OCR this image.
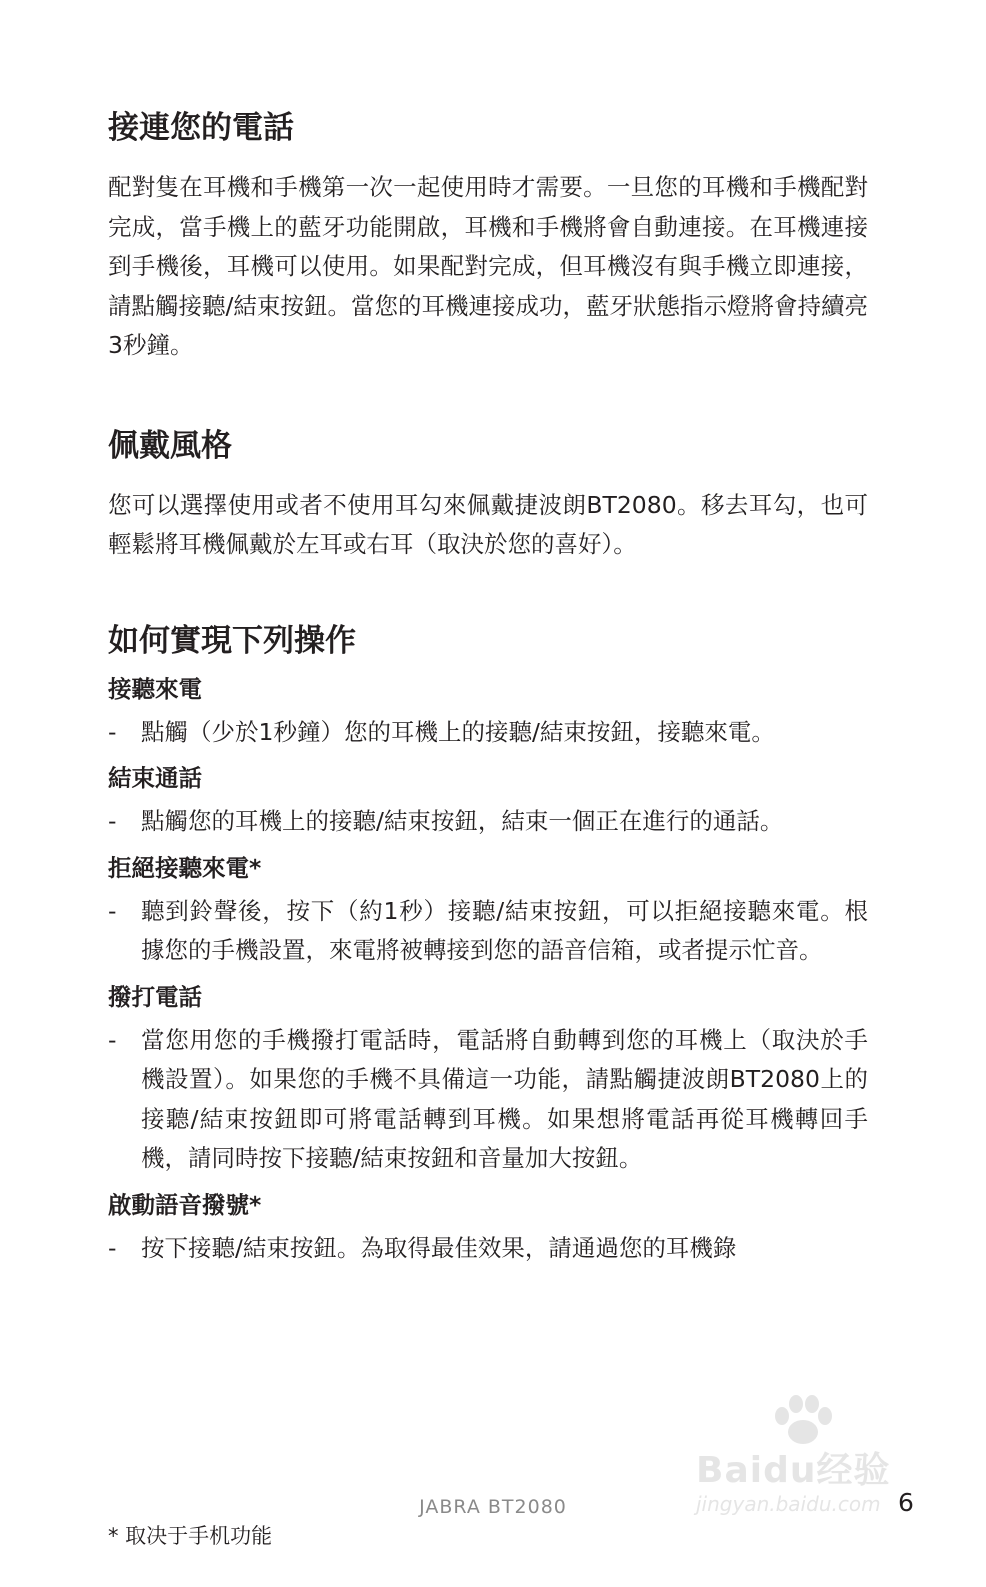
接連您的電話

配對隻在耳機和手機第一次一起使用時才需要。一旦您的耳機和手機配對完成，當手機上的藍牙功能開啟，耳機和手機將會自動連接。在耳機連接到手機後，耳機可以使用。如果配對完成，但耳機沒有與手機立即連接，請點觸接聽/結束按鈕。當您的耳機連接成功，藍牙狀態指示燈將會持續亮3秒鐘。

佩戴風格

您可以選擇使用或者不使用耳勾來佩戴捷波朗BT2080。移去耳勾，也可輕鬆將耳機佩戴於左耳或右耳（取決於您的喜好）。

如何實現下列操作
接聽來電
-	點觸（少於1秒鐘）您的耳機上的接聽/結束按鈕，接聽來電。
結束通話
-	點觸您的耳機上的接聽/結束按鈕，結束一個正在進行的通話。
拒絕接聽來電*
-	聽到鈴聲後，按下（約1秒）接聽/結束按鈕，可以拒絕接聽來電。根據您的手機設置，來電將被轉接到您的語音信箱，或者提示忙音。
撥打電話
-	當您用您的手機撥打電話時，電話將自動轉到您的耳機上（取決於手機設置）。如果您的手機不具備這一功能，請點觸捷波朗BT2080上的接聽/結束按鈕即可將電話轉到耳機。如果想將電話再從耳機轉回手機，請同時按下接聽/結束按鈕和音量加大按鈕。
啟動語音撥號*
-	按下接聽/結束按鈕。為取得最佳效果，請通過您的耳機錄
Baidu经验
jingyan.baidu.com
JABRA BT2080	6
* 取决于手机功能
